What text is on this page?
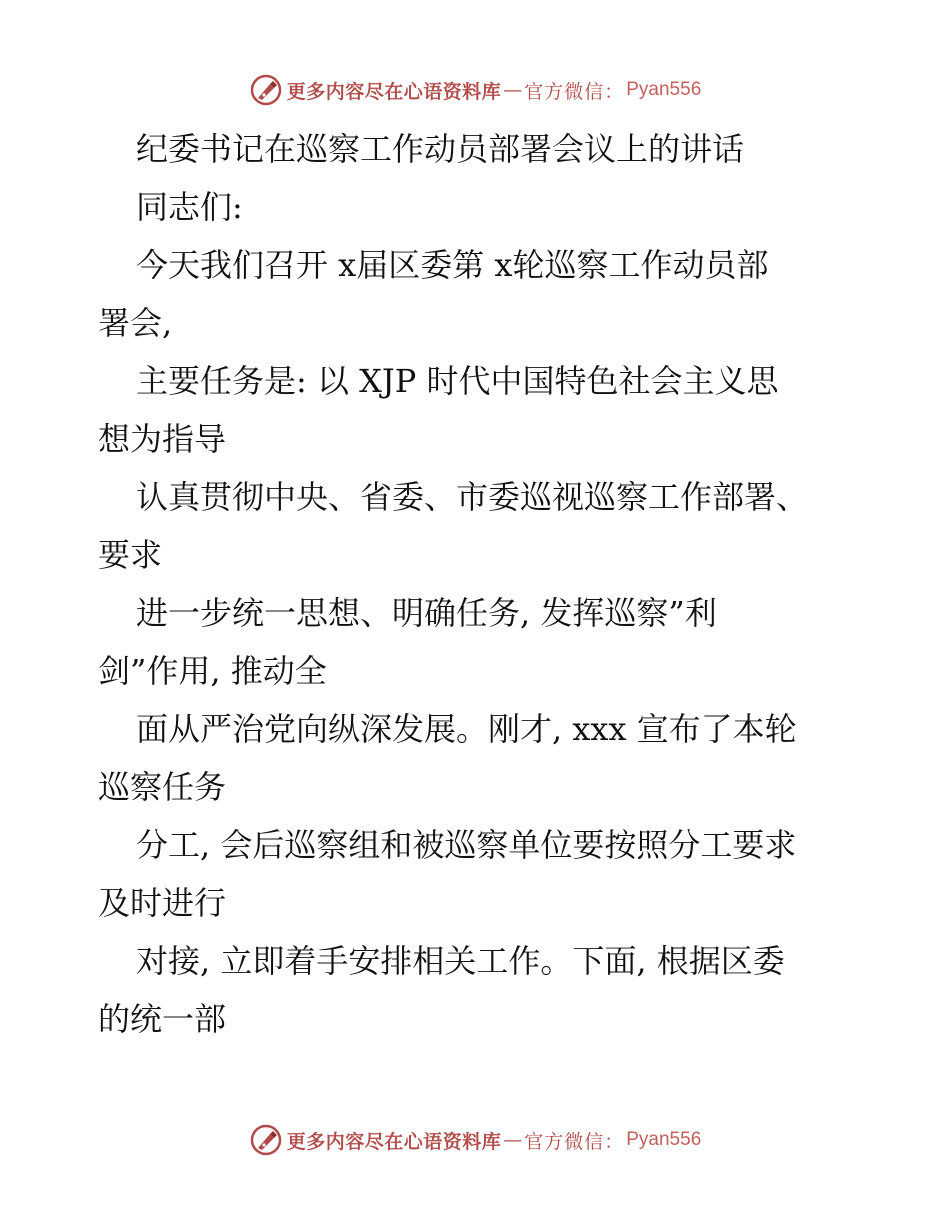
更多内容尽在心语资料库 — 官方微信： Pyan556
纪委书记在巡察工作动员部署会议上的讲话
同志们:
今天我们召开 x届区委第 x轮巡察工作动员部
署会,
主要任务是: 以 XJP 时代中国特色社会主义思
想为指导
认真贯彻中央、省委、市委巡视巡察工作部署、
要求
进一步统一思想、明确任务, 发挥巡察”利
剑”作用, 推动全
面从严治党向纵深发展。刚才, xxx 宣布了本轮
巡察任务
分工, 会后巡察组和被巡察单位要按照分工要求
及时进行
对接, 立即着手安排相关工作。下面, 根据区委
的统一部
更多内容尽在心语资料库 — 官方微信： Pyan556
